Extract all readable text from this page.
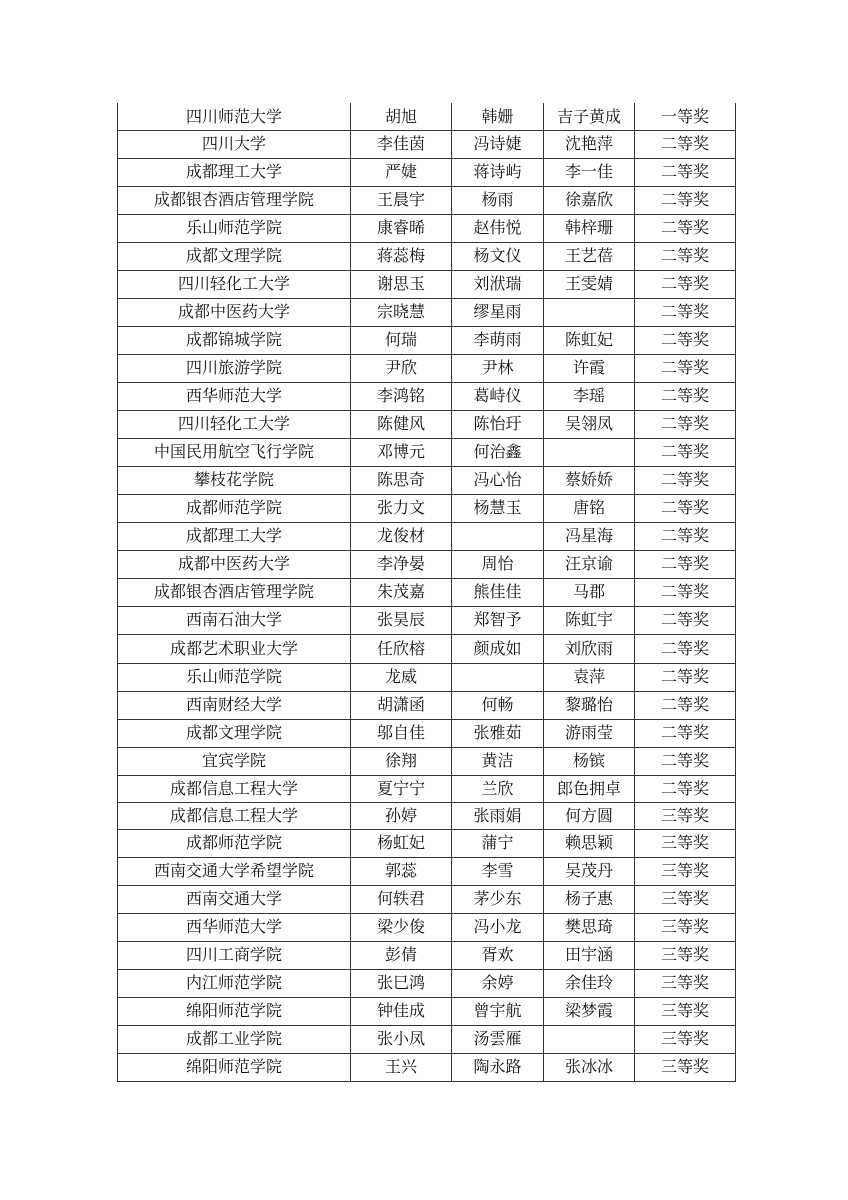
四川师范大学	胡旭	韩姗	吉子黄成	一等奖
四川大学	李佳茵	冯诗婕	沈艳萍	二等奖
成都理工大学	严婕	蒋诗屿	李一佳	二等奖
成都银杏酒店管理学院	王晨宇	杨雨	徐嘉欣	二等奖
乐山师范学院	康睿晞	赵伟悦	韩梓珊	二等奖
成都文理学院	蒋蕊梅	杨文仪	王艺蓓	二等奖
四川轻化工大学	谢思玉	刘洑瑞	王雯婧	二等奖
成都中医药大学	宗晓慧	缪星雨		二等奖
成都锦城学院	何瑞	李萌雨	陈虹妃	二等奖
四川旅游学院	尹欣	尹林	许霞	二等奖
西华师范大学	李鸿铭	葛峙仪	李瑶	二等奖
四川轻化工大学	陈健风	陈怡玗	吴翎凤	二等奖
中国民用航空飞行学院	邓博元	何治鑫		二等奖
攀枝花学院	陈思奇	冯心怡	蔡娇娇	二等奖
成都师范学院	张力文	杨慧玉	唐铭	二等奖
成都理工大学	龙俊材		冯星海	二等奖
成都中医药大学	李净晏	周怡	汪京谕	二等奖
成都银杏酒店管理学院	朱茂嘉	熊佳佳	马郡	二等奖
西南石油大学	张昊辰	郑智予	陈虹宇	二等奖
成都艺术职业大学	任欣榕	颜成如	刘欣雨	二等奖
乐山师范学院	龙威		袁萍	二等奖
西南财经大学	胡潇函	何畅	黎璐怡	二等奖
成都文理学院	邬自佳	张雅茹	游雨莹	二等奖
宜宾学院	徐翔	黄洁	杨镔	二等奖
成都信息工程大学	夏宁宁	兰欣	郎色拥卓	二等奖
成都信息工程大学	孙婷	张雨娟	何方圆	三等奖
成都师范学院	杨虹妃	蒲宁	赖思颖	三等奖
西南交通大学希望学院	郭蕊	李雪	吴茂丹	三等奖
西南交通大学	何轶君	茅少东	杨子惠	三等奖
西华师范大学	梁少俊	冯小龙	樊思琦	三等奖
四川工商学院	彭倩	胥欢	田宇涵	三等奖
内江师范学院	张巳鸿	余婷	余佳玲	三等奖
绵阳师范学院	钟佳成	曾宇航	梁梦霞	三等奖
成都工业学院	张小凤	汤雲雁		三等奖
绵阳师范学院	王兴	陶永路	张冰冰	三等奖
